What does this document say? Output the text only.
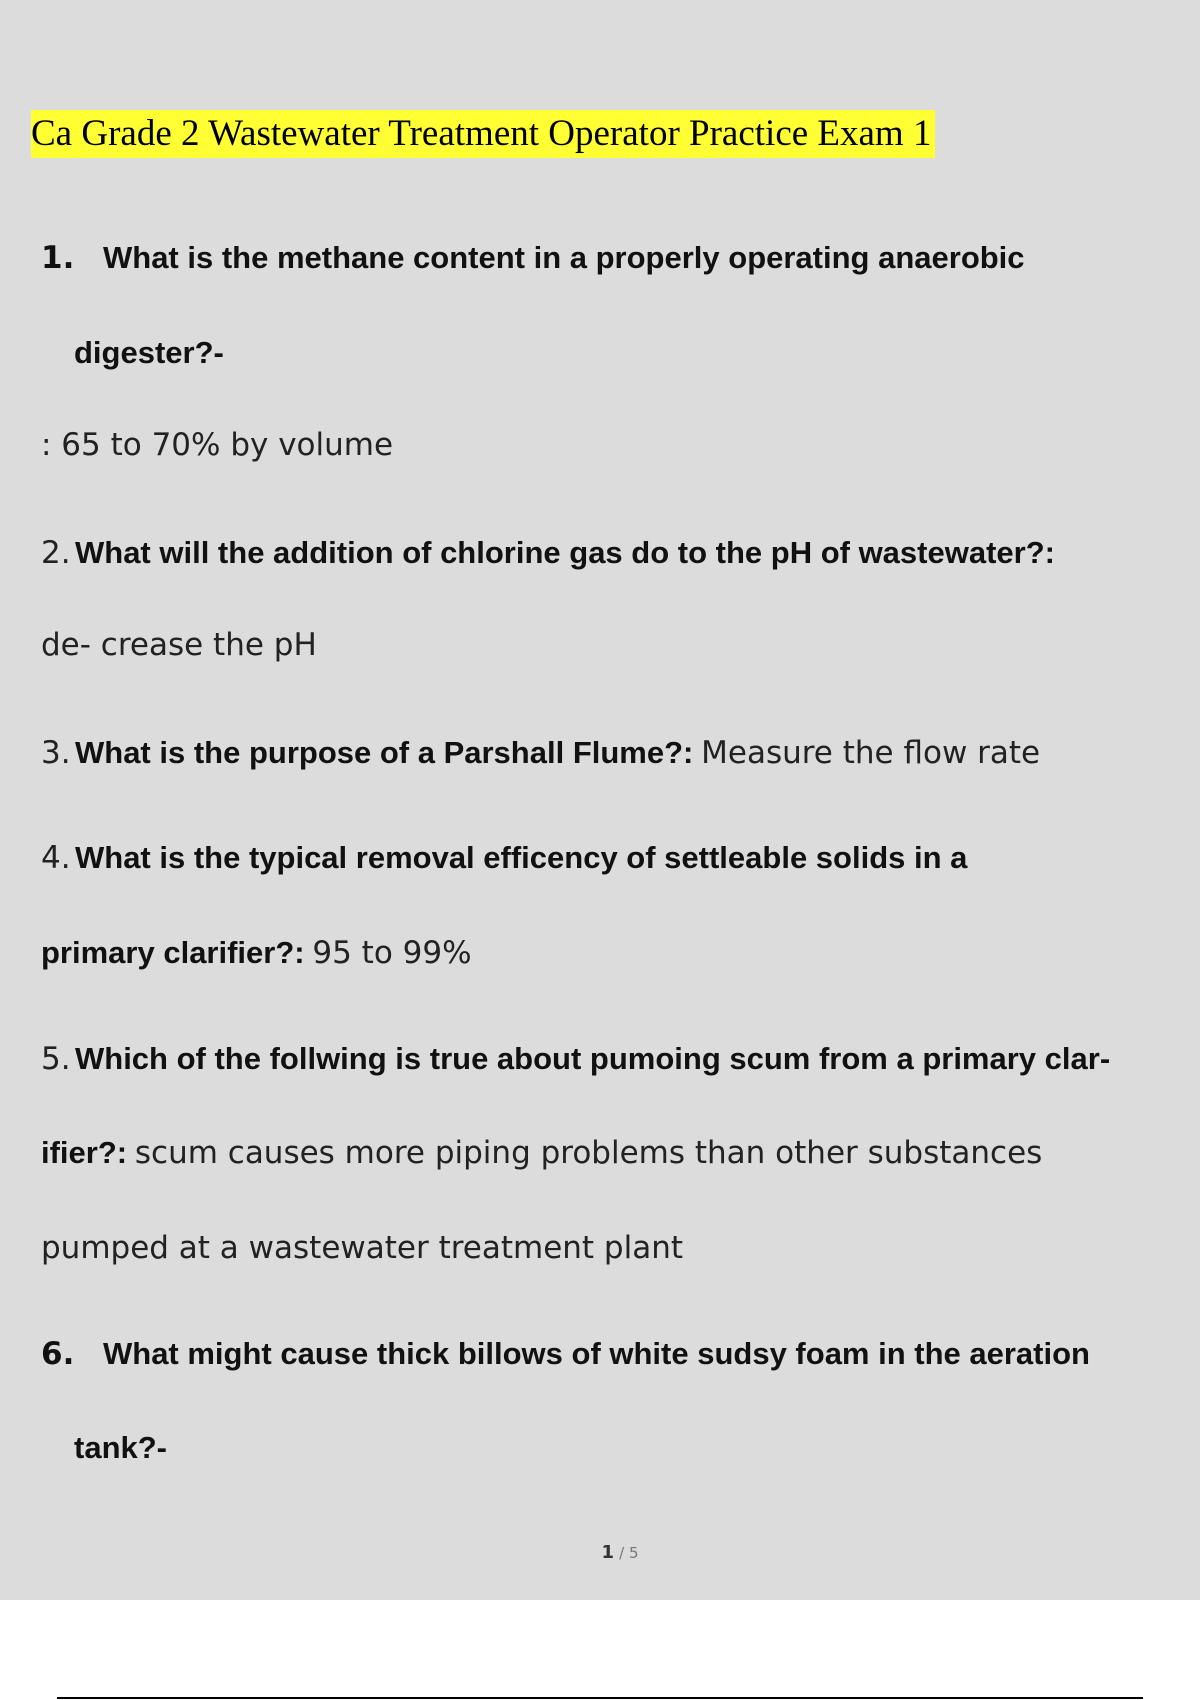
Ca Grade 2 Wastewater Treatment Operator Practice Exam 1
1. What is the methane content in a properly operating anaerobic
digester?-
: 65 to 70% by volume
2. What will the addition of chlorine gas do to the pH of wastewater?:
de- crease the pH
3. What is the purpose of a Parshall Flume?: Measure the flow rate
4. What is the typical removal efficency of settleable solids in a
primary clarifier?: 95 to 99%
5. Which of the follwing is true about pumoing scum from a primary clar-
ifier?: scum causes more piping problems than other substances
pumped at a wastewater treatment plant
6. What might cause thick billows of white sudsy foam in the aeration
tank?-
1 / 5
